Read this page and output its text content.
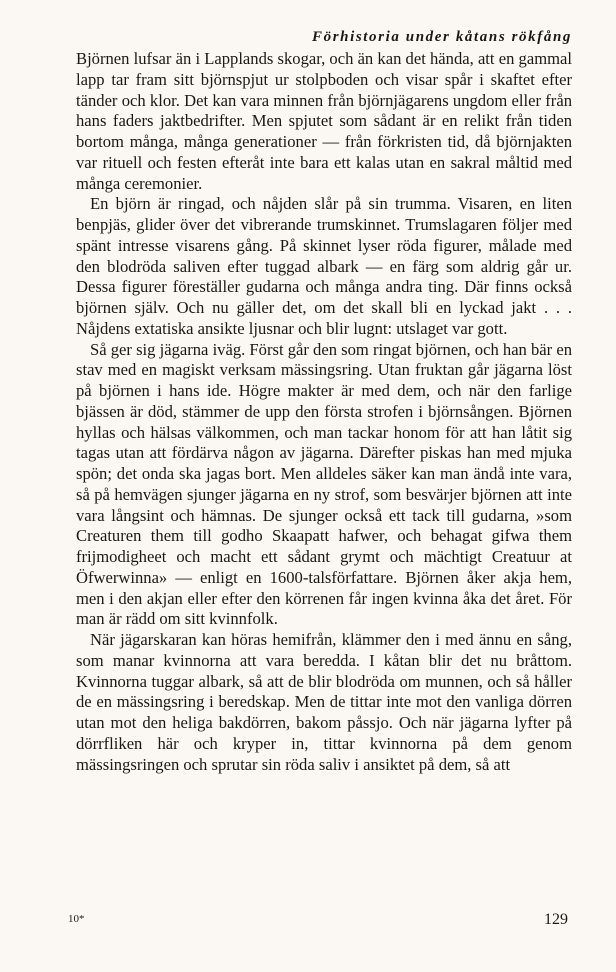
Förhistoria under kåtans rökfång

Björnen lufsar än i Lapplands skogar, och än kan det hända, att en gammal lapp tar fram sitt björnspjut ur stolpboden och visar spår i skaftet efter tänder och klor. Det kan vara minnen från björnjägarens ungdom eller från hans faders jaktbedrifter. Men spjutet som sådant är en relikt från tiden bortom många, många generationer — från förkristen tid, då björnjakten var rituell och festen efteråt inte bara ett kalas utan en sakral måltid med många ceremonier.

En björn är ringad, och nåjden slår på sin trumma. Visaren, en liten benpjäs, glider över det vibrerande trumskinnet. Trumslagaren följer med spänt intresse visarens gång. På skinnet lyser röda figurer, målade med den blodröda saliven efter tuggad albark — en färg som aldrig går ur. Dessa figurer föreställer gudarna och många andra ting. Där finns också björnen själv. Och nu gäller det, om det skall bli en lyckad jakt . . . Nåjdens extatiska ansikte ljusnar och blir lugnt: utslaget var gott.

Så ger sig jägarna iväg. Först går den som ringat björnen, och han bär en stav med en magiskt verksam mässingsring. Utan fruktan går jägarna löst på björnen i hans ide. Högre makter är med dem, och när den farlige bjässen är död, stämmer de upp den första strofen i björnsången. Björnen hyllas och hälsas välkommen, och man tackar honom för att han låtit sig tagas utan att fördärva någon av jägarna. Därefter piskas han med mjuka spön; det onda ska jagas bort. Men alldeles säker kan man ändå inte vara, så på hemvägen sjunger jägarna en ny strof, som besvärjer björnen att inte vara långsint och hämnas. De sjunger också ett tack till gudarna, »som Creaturen them till godho Skaapatt hafwer, och behagat gifwa them frijmodigheet och macht ett sådant grymt och mächtigt Creatuur at Öfwerwinna» — enligt en 1600-talsförfattare. Björnen åker akja hem, men i den akjan eller efter den körrenen får ingen kvinna åka det året. För man är rädd om sitt kvinnfolk.

När jägarskaran kan höras hemifrån, klämmer den i med ännu en sång, som manar kvinnorna att vara beredda. I kåtan blir det nu bråttom. Kvinnorna tuggar albark, så att de blir blodröda om munnen, och så håller de en mässingsring i beredskap. Men de tittar inte mot den vanliga dörren utan mot den heliga bakdörren, bakom påssjo. Och när jägarna lyfter på dörrfliken här och kryper in, tittar kvinnorna på dem genom mässingsringen och sprutar sin röda saliv i ansiktet på dem, så att

10*	129
